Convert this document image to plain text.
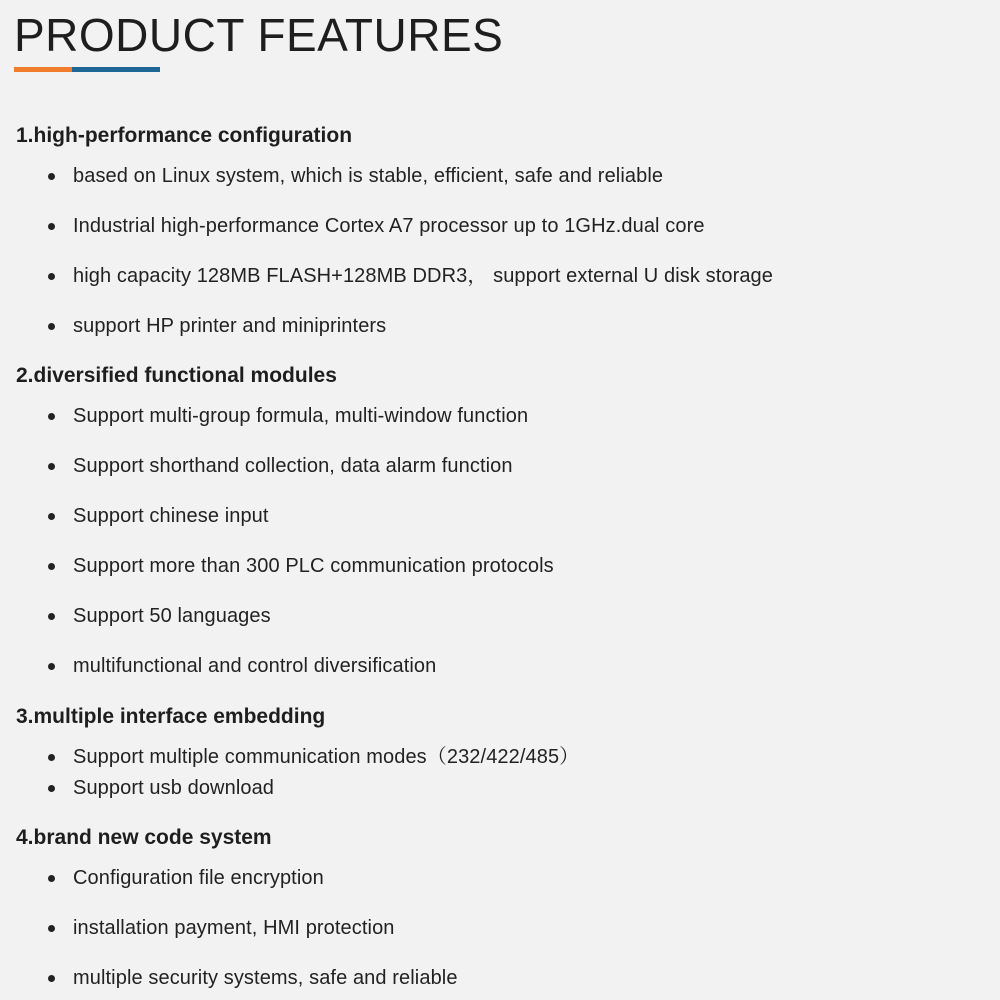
PRODUCT FEATURES
1.high-performance configuration
based on Linux system, which is stable, efficient, safe and reliable
Industrial high-performance Cortex A7 processor up to 1GHz.dual core
high capacity 128MB FLASH+128MB DDR3， support external U disk storage
support HP printer and miniprinters
2.diversified functional modules
Support multi-group formula, multi-window function
Support shorthand collection, data alarm function
Support chinese input
Support more than 300 PLC communication protocols
Support 50 languages
multifunctional and control diversification
3.multiple interface embedding
Support multiple communication modes（232/422/485）
Support usb download
4.brand new code system
Configuration file encryption
installation payment, HMI protection
multiple security systems, safe and reliable
